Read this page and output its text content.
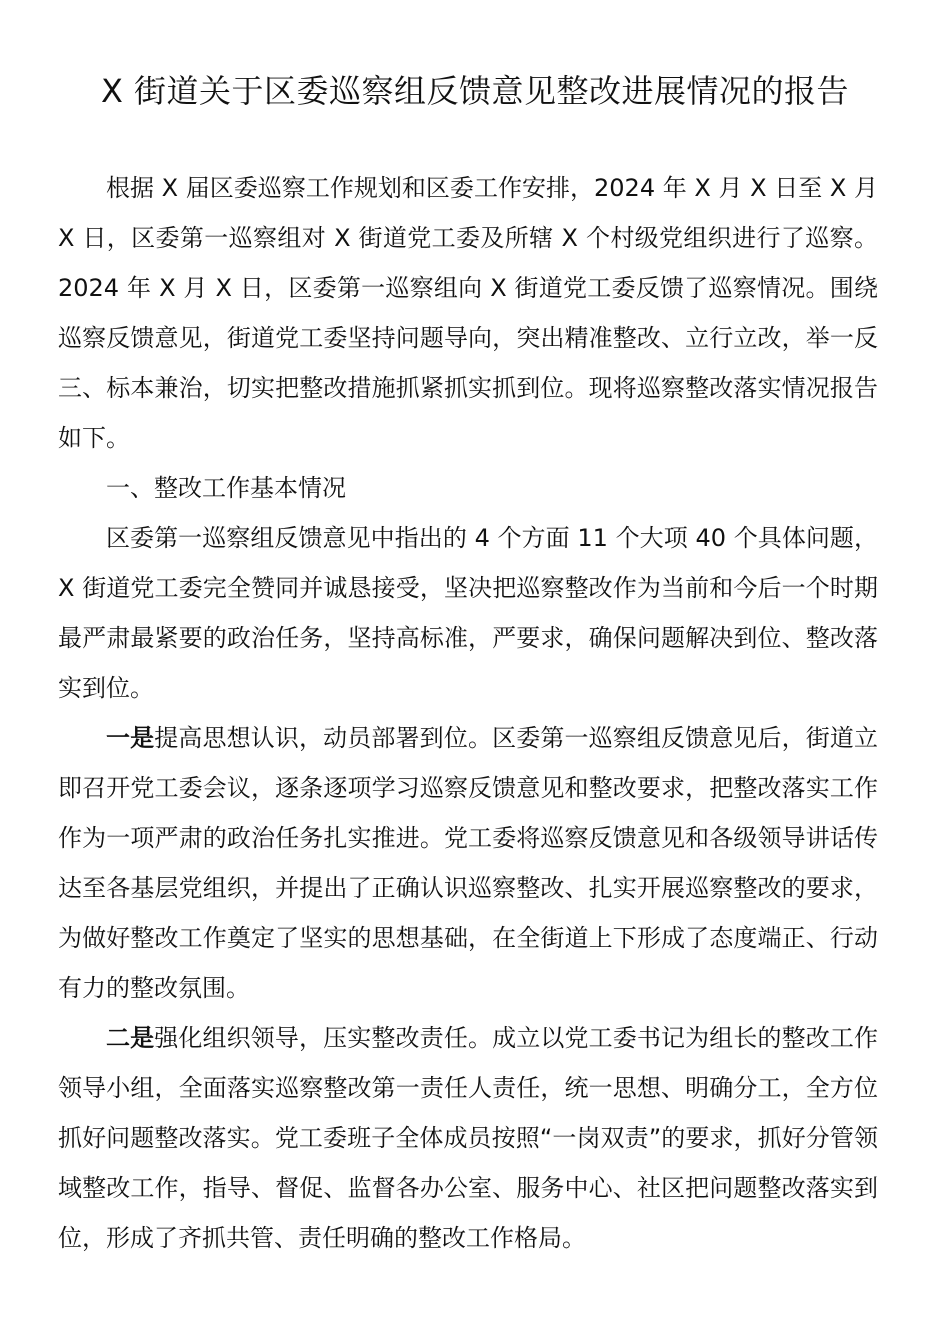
X 街道关于区委巡察组反馈意见整改进展情况的报告

根据 X 届区委巡察工作规划和区委工作安排，2024 年 X 月 X 日至 X 月 X 日，区委第一巡察组对 X 街道党工委及所辖 X 个村级党组织进行了巡察。2024 年 X 月 X 日，区委第一巡察组向 X 街道党工委反馈了巡察情况。围绕巡察反馈意见，街道党工委坚持问题导向，突出精准整改、立行立改，举一反三、标本兼治，切实把整改措施抓紧抓实抓到位。现将巡察整改落实情况报告如下。

一、整改工作基本情况

区委第一巡察组反馈意见中指出的 4 个方面 11 个大项 40 个具体问题，X 街道党工委完全赞同并诚恳接受，坚决把巡察整改作为当前和今后一个时期最严肃最紧要的政治任务，坚持高标准，严要求，确保问题解决到位、整改落实到位。

一是提高思想认识，动员部署到位。区委第一巡察组反馈意见后，街道立即召开党工委会议，逐条逐项学习巡察反馈意见和整改要求，把整改落实工作作为一项严肃的政治任务扎实推进。党工委将巡察反馈意见和各级领导讲话传达至各基层党组织，并提出了正确认识巡察整改、扎实开展巡察整改的要求，为做好整改工作奠定了坚实的思想基础，在全街道上下形成了态度端正、行动有力的整改氛围。

二是强化组织领导，压实整改责任。成立以党工委书记为组长的整改工作领导小组，全面落实巡察整改第一责任人责任，统一思想、明确分工，全方位抓好问题整改落实。党工委班子全体成员按照“一岗双责”的要求，抓好分管领域整改工作，指导、督促、监督各办公室、服务中心、社区把问题整改落实到位，形成了齐抓共管、责任明确的整改工作格局。
